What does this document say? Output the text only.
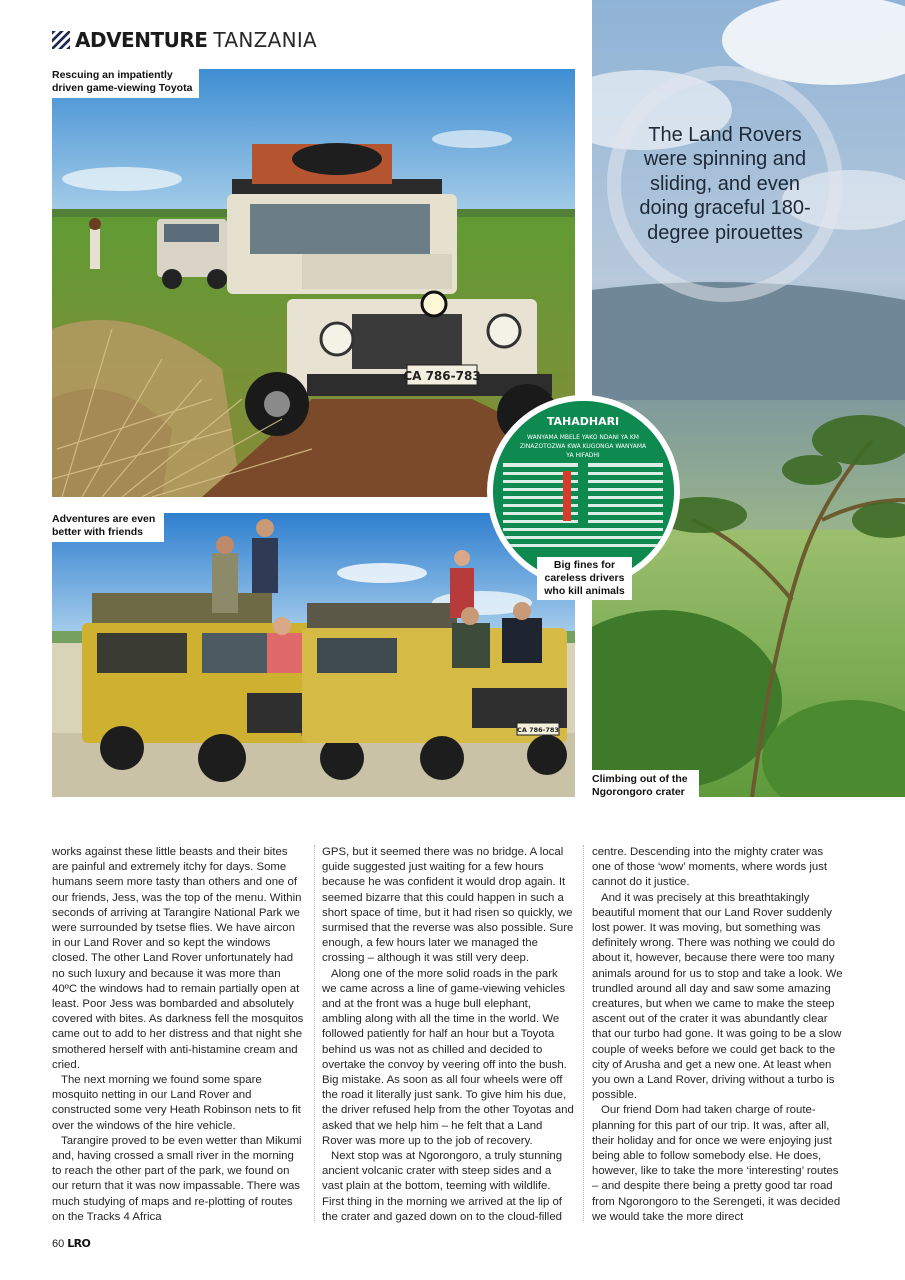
ADVENTURE TANZANIA
CA 786-783
Rescuing an impatiently
driven game-viewing Toyota
CA 786-783
Adventures are even
better with friends
The Land Rovers were spinning and sliding, and even doing graceful 180-degree pirouettes
Climbing out of the
Ngorongoro crater
TAHADHARI
WANYAMA MBELE YAKO NDANI YA KM
ZINAZOTOZWA KWA KUGONGA WANYAMA
YA HIFADHI
Big fines for
careless drivers
who kill animals

works against these little beasts and their bites are painful and extremely itchy for days. Some humans seem more tasty than others and one of our friends, Jess, was the top of the menu. Within seconds of arriving at Tarangire National Park we were surrounded by tsetse flies. We have aircon in our Land Rover and so kept the windows closed. The other Land Rover unfortunately had no such luxury and because it was more than 40ºC the windows had to remain partially open at least. Poor Jess was bombarded and absolutely covered with bites. As darkness fell the mosquitos came out to add to her distress and that night she smothered herself with anti-histamine cream and cried.

The next morning we found some spare mosquito netting in our Land Rover and constructed some very Heath Robinson nets to fit over the windows of the hire vehicle.

Tarangire proved to be even wetter than Mikumi and, having crossed a small river in the morning to reach the other part of the park, we found on our return that it was now impassable. There was much studying of maps and re-plotting of routes on the Tracks 4 Africa

GPS, but it seemed there was no bridge. A local guide suggested just waiting for a few hours because he was confident it would drop again. It seemed bizarre that this could happen in such a short space of time, but it had risen so quickly, we surmised that the reverse was also possible. Sure enough, a few hours later we managed the crossing – although it was still very deep.

Along one of the more solid roads in the park we came across a line of game-viewing vehicles and at the front was a huge bull elephant, ambling along with all the time in the world. We followed patiently for half an hour but a Toyota behind us was not as chilled and decided to overtake the convoy by veering off into the bush. Big mistake. As soon as all four wheels were off the road it literally just sank. To give him his due, the driver refused help from the other Toyotas and asked that we help him – he felt that a Land Rover was more up to the job of recovery.

Next stop was at Ngorongoro, a truly stunning ancient volcanic crater with steep sides and a vast plain at the bottom, teeming with wildlife. First thing in the morning we arrived at the lip of the crater and gazed down on to the cloud-filled

centre. Descending into the mighty crater was one of those ‘wow’ moments, where words just cannot do it justice.

And it was precisely at this breathtakingly beautiful moment that our Land Rover suddenly lost power. It was moving, but something was definitely wrong. There was nothing we could do about it, however, because there were too many animals around for us to stop and take a look. We trundled around all day and saw some amazing creatures, but when we came to make the steep ascent out of the crater it was abundantly clear that our turbo had gone. It was going to be a slow couple of weeks before we could get back to the city of Arusha and get a new one. At least when you own a Land Rover, driving without a turbo is possible.

Our friend Dom had taken charge of route-planning for this part of our trip. It was, after all, their holiday and for once we were enjoying just being able to follow somebody else. He does, however, like to take the more ‘interesting’ routes – and despite there being a pretty good tar road from Ngorongoro to the Serengeti, it was decided we would take the more direct

60 LRO
